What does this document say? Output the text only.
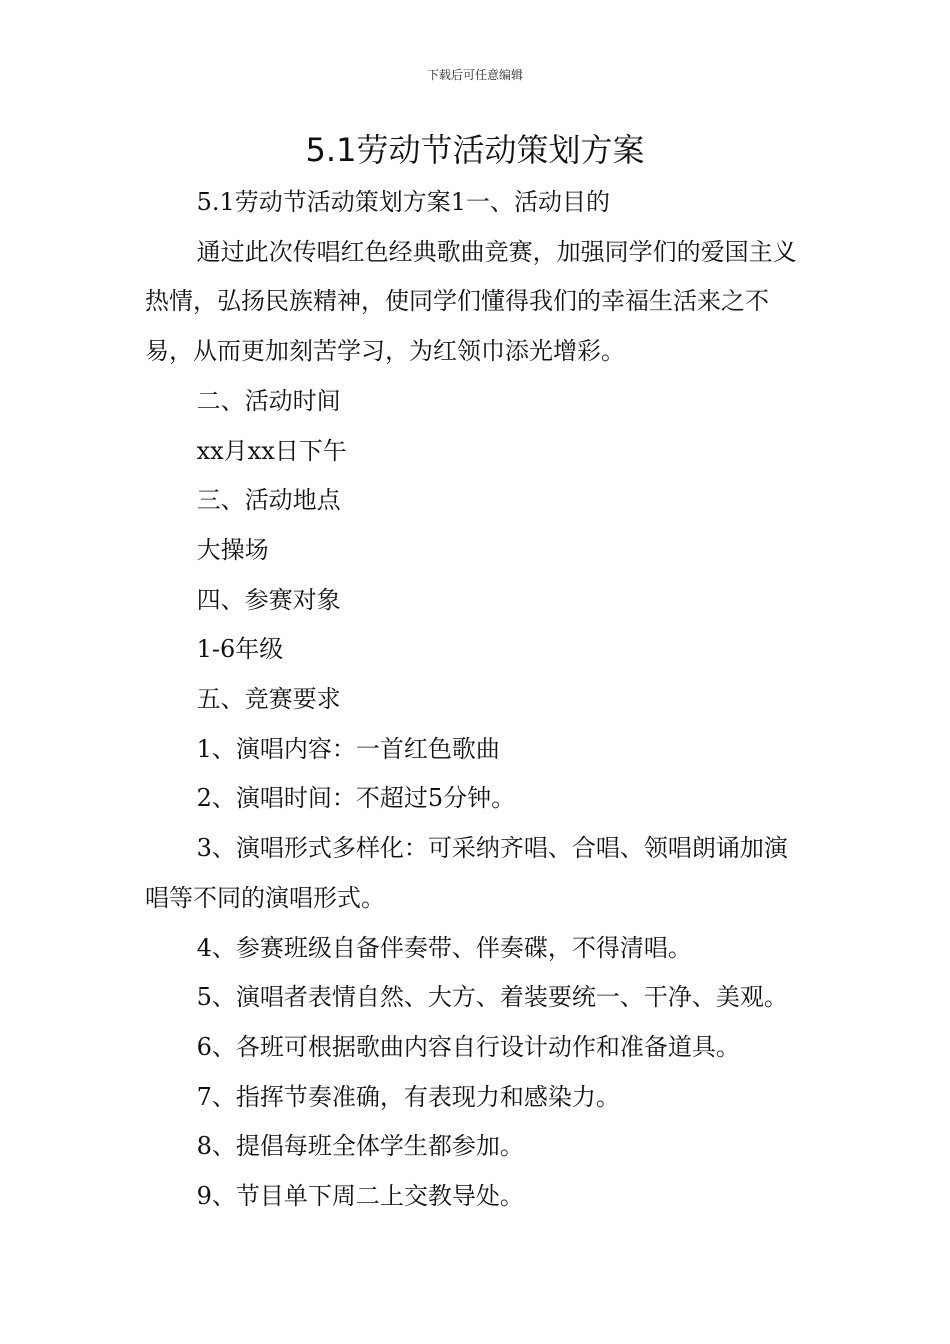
下载后可任意编辑
5.1劳动节活动策划方案

5.1劳动节活动策划方案1一、活动目的

通过此次传唱红色经典歌曲竞赛，加强同学们的爱国主义热情，弘扬民族精神，使同学们懂得我们的幸福生活来之不易，从而更加刻苦学习，为红领巾添光增彩。

二、活动时间

xx月xx日下午

三、活动地点

大操场

四、参赛对象

1-6年级

五、竞赛要求

1、演唱内容：一首红色歌曲

2、演唱时间：不超过5分钟。

3、演唱形式多样化：可采纳齐唱、合唱、领唱朗诵加演唱等不同的演唱形式。

4、参赛班级自备伴奏带、伴奏碟，不得清唱。

5、演唱者表情自然、大方、着装要统一、干净、美观。

6、各班可根据歌曲内容自行设计动作和准备道具。

7、指挥节奏准确，有表现力和感染力。

8、提倡每班全体学生都参加。

9、节目单下周二上交教导处。
